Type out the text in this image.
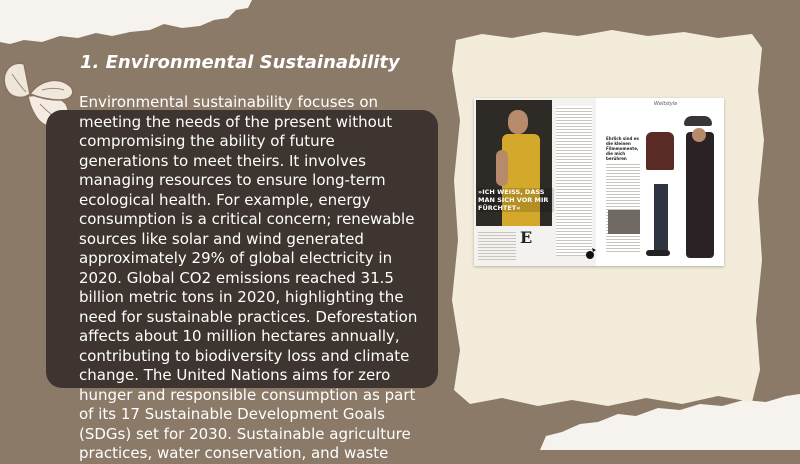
1. Environmental Sustainability

Environmental sustainability focuses on meeting the needs of the present without compromising the ability of future generations to meet theirs. It involves managing resources to ensure long-term ecological health. For example, energy consumption is a critical concern; renewable sources like solar and wind generated approximately 29% of global electricity in 2020. Global CO2 emissions reached 31.5 billion metric tons in 2020, highlighting the need for sustainable practices. Deforestation affects about 10 million hectares annually, contributing to biodiversity loss and climate change. The United Nations aims for zero hunger and responsible consumption as part of its 17 Sustainable Development Goals (SDGs) set for 2030. Sustainable agriculture practices, water conservation, and waste

»ICH WEISS, DASS MAN SICH VOR MIR FÜRCHTET«
E
Weltstyle
Ehrlich sind es die kleinen Filmmomente, die mich berühren
